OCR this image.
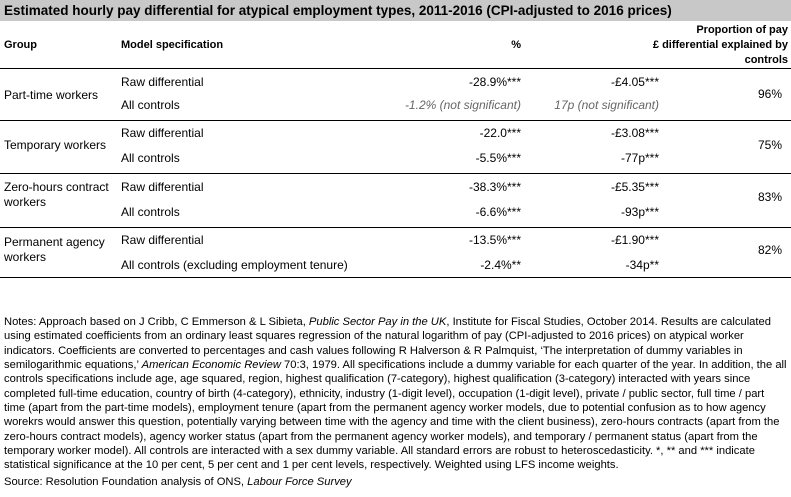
Estimated hourly pay differential for atypical employment types, 2011-2016 (CPI-adjusted to 2016 prices)
Group	Model specification	%	£
Proportion of pay differential explained by controls
Part-time workers
Raw differential	-28.9%***	-£4.05***
All controls	-1.2% (not significant)	17p (not significant)
96%
Temporary workers
Raw differential	-22.0***	-£3.08***
All controls	-5.5%***	-77p***
75%
Zero-hours contract workers
Raw differential	-38.3%***	-£5.35***
All controls	-6.6%***	-93p***
83%
Permanent agency workers
Raw differential	-13.5%***	-£1.90***
All controls (excluding employment tenure)	-2.4%**	-34p**
82%
Notes: Approach based on J Cribb, C Emmerson & L Sibieta, Public Sector Pay in the UK, Institute for Fiscal Studies, October 2014. Results are calculated using estimated coefficients from an ordinary least squares regression of the natural logarithm of pay (CPI-adjusted to 2016 prices) on atypical worker indicators. Coefficients are converted to percentages and cash values following R Halverson & R Palmquist, ‘The interpretation of dummy variables in semilogarithmic equations,’ American Economic Review 70:3, 1979. All specifications include a dummy variable for each quarter of the year. In addition, the all controls specifications include age, age squared, region, highest qualification (7-category), highest qualification (3-category) interacted with years since completed full-time education, country of birth (4-category), ethnicity, industry (1-digit level), occupation (1-digit level), private / public sector, full time / part time (apart from the part-time models), employment tenure (apart from the permanent agency worker models, due to potential confusion as to how agency worekrs would answer this question, potentially varying between time with the agency and time with the client business), zero-hours contracts (apart from the zero-hours contract models), agency worker status (apart from the permanent agency worker models), and temporary / permanent status (apart from the temporary worker model). All controls are interacted with a sex dummy variable. All standard errors are robust to heteroscedasticity. *, ** and *** indicate statistical significance at the 10 per cent, 5 per cent and 1 per cent levels, respectively. Weighted using LFS income weights.
Source: Resolution Foundation analysis of ONS, Labour Force Survey
